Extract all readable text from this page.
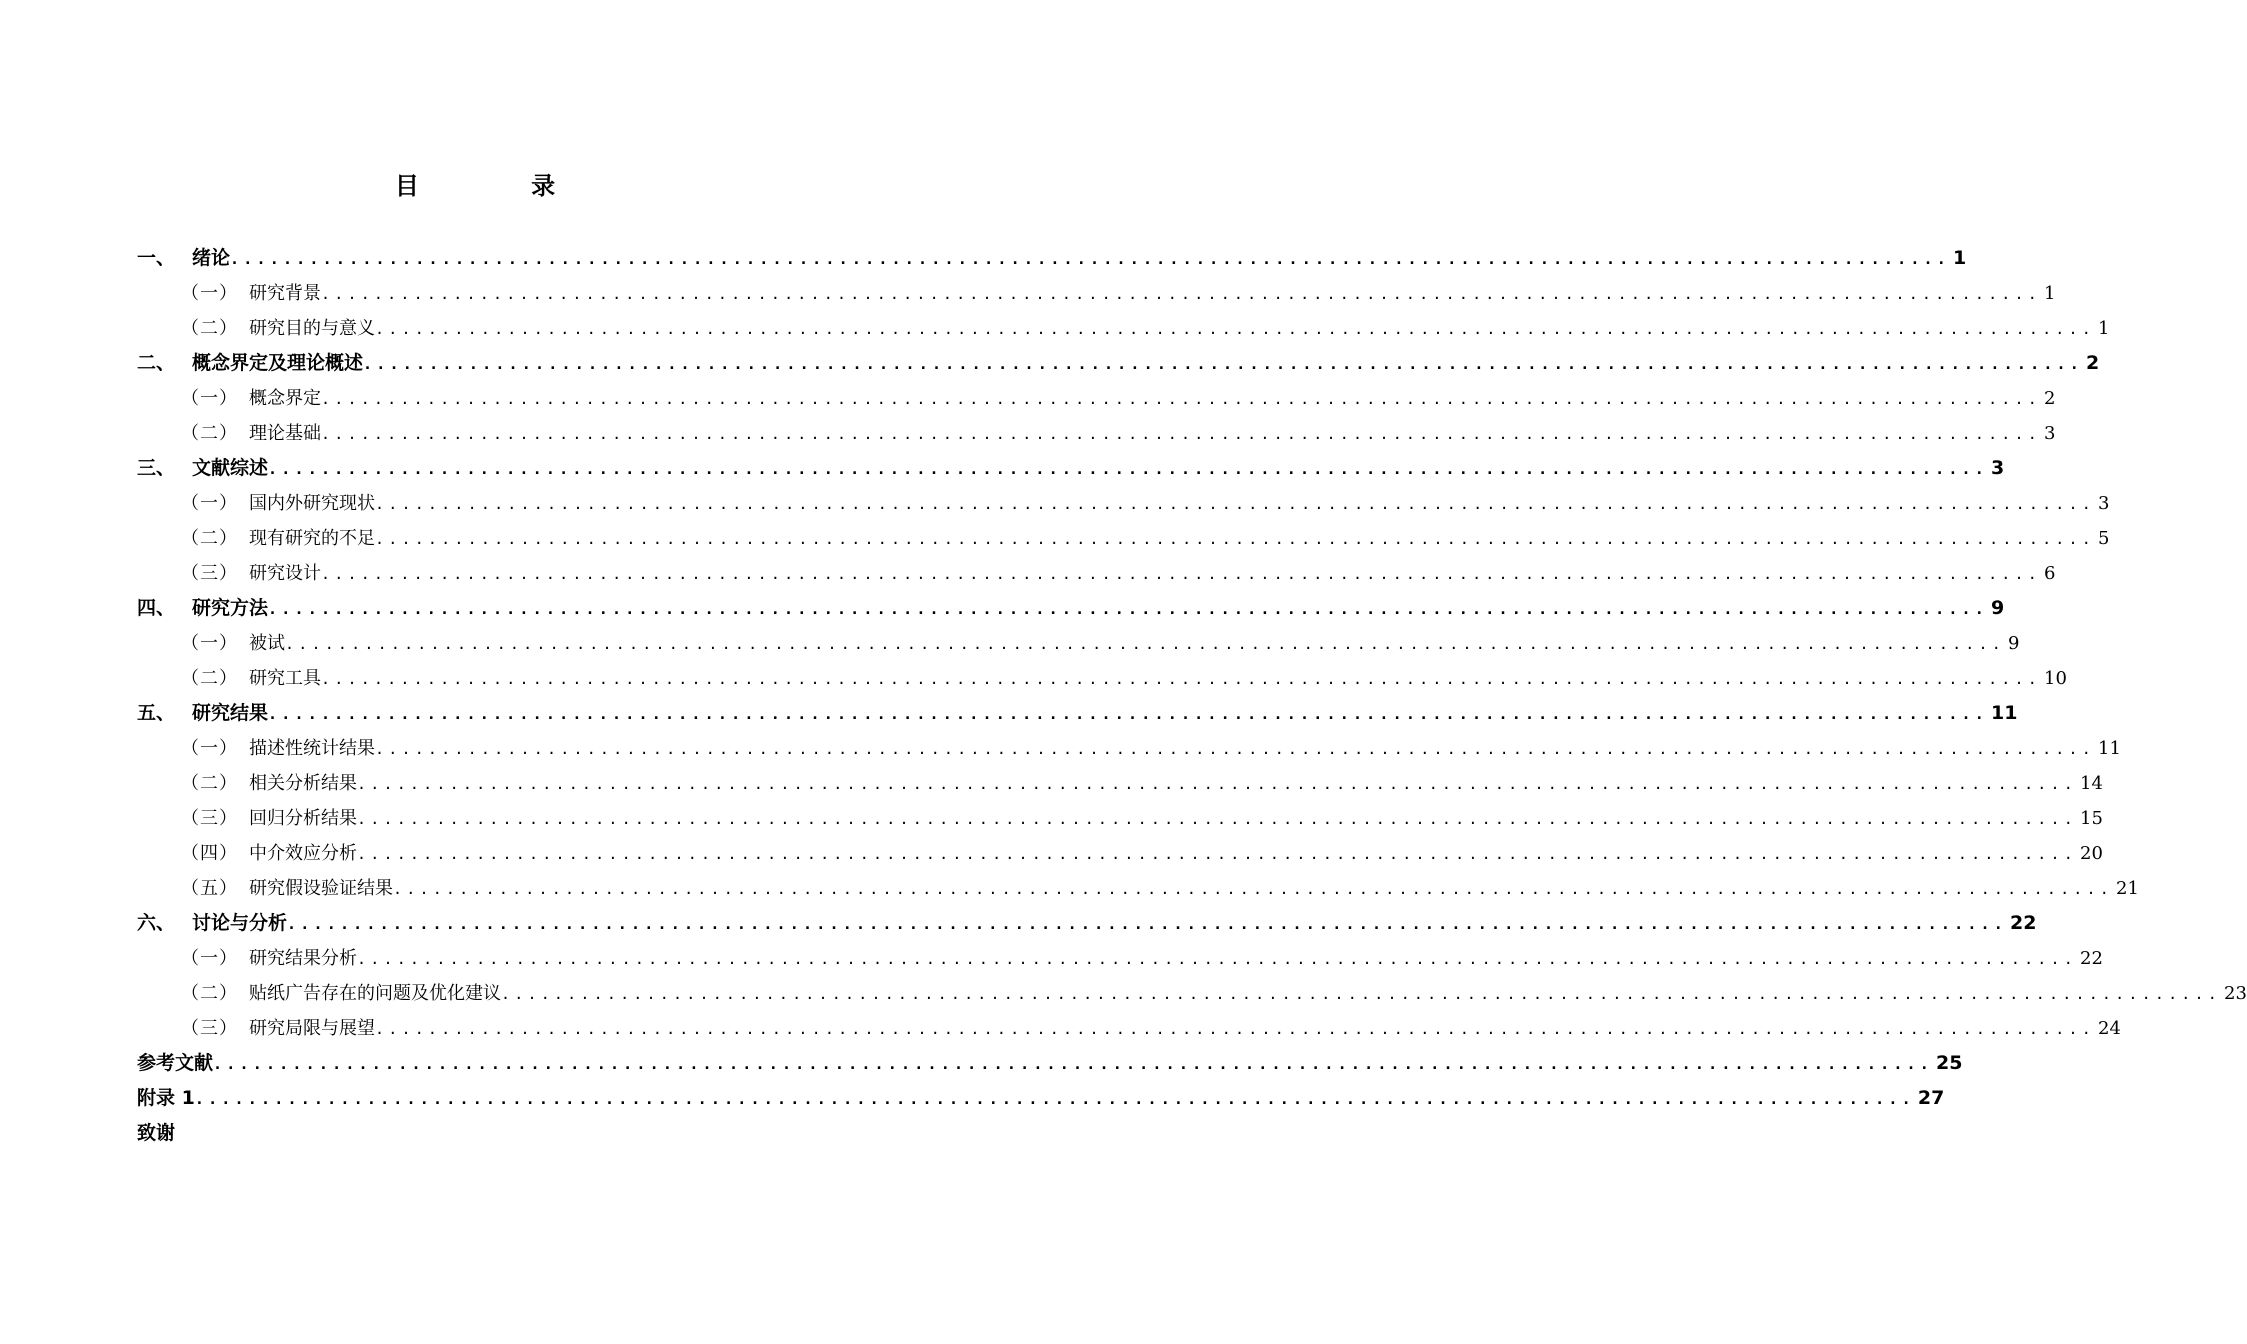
目 录
一、 绪论 .................................................................................................................................. 1
（一） 研究背景 .................................................................................................................................. 1
（二） 研究目的与意义 .................................................................................................................................. 1
二、 概念界定及理论概述 .................................................................................................................................. 2
（一） 概念界定 .................................................................................................................................. 2
（二） 理论基础 .................................................................................................................................. 3
三、 文献综述 .................................................................................................................................. 3
（一） 国内外研究现状 .................................................................................................................................. 3
（二） 现有研究的不足 .................................................................................................................................. 5
（三） 研究设计 .................................................................................................................................. 6
四、 研究方法 .................................................................................................................................. 9
（一） 被试 .................................................................................................................................. 9
（二） 研究工具 .................................................................................................................................. 10
五、 研究结果 .................................................................................................................................. 11
（一） 描述性统计结果 .................................................................................................................................. 11
（二） 相关分析结果 .................................................................................................................................. 14
（三） 回归分析结果 .................................................................................................................................. 15
（四） 中介效应分析 .................................................................................................................................. 20
（五） 研究假设验证结果 .................................................................................................................................. 21
六、 讨论与分析 .................................................................................................................................. 22
（一） 研究结果分析 .................................................................................................................................. 22
（二） 贴纸广告存在的问题及优化建议 .................................................................................................................................. 23
（三） 研究局限与展望 .................................................................................................................................. 24
参考文献 .................................................................................................................................. 25
附录 1 .................................................................................................................................. 27
致谢
